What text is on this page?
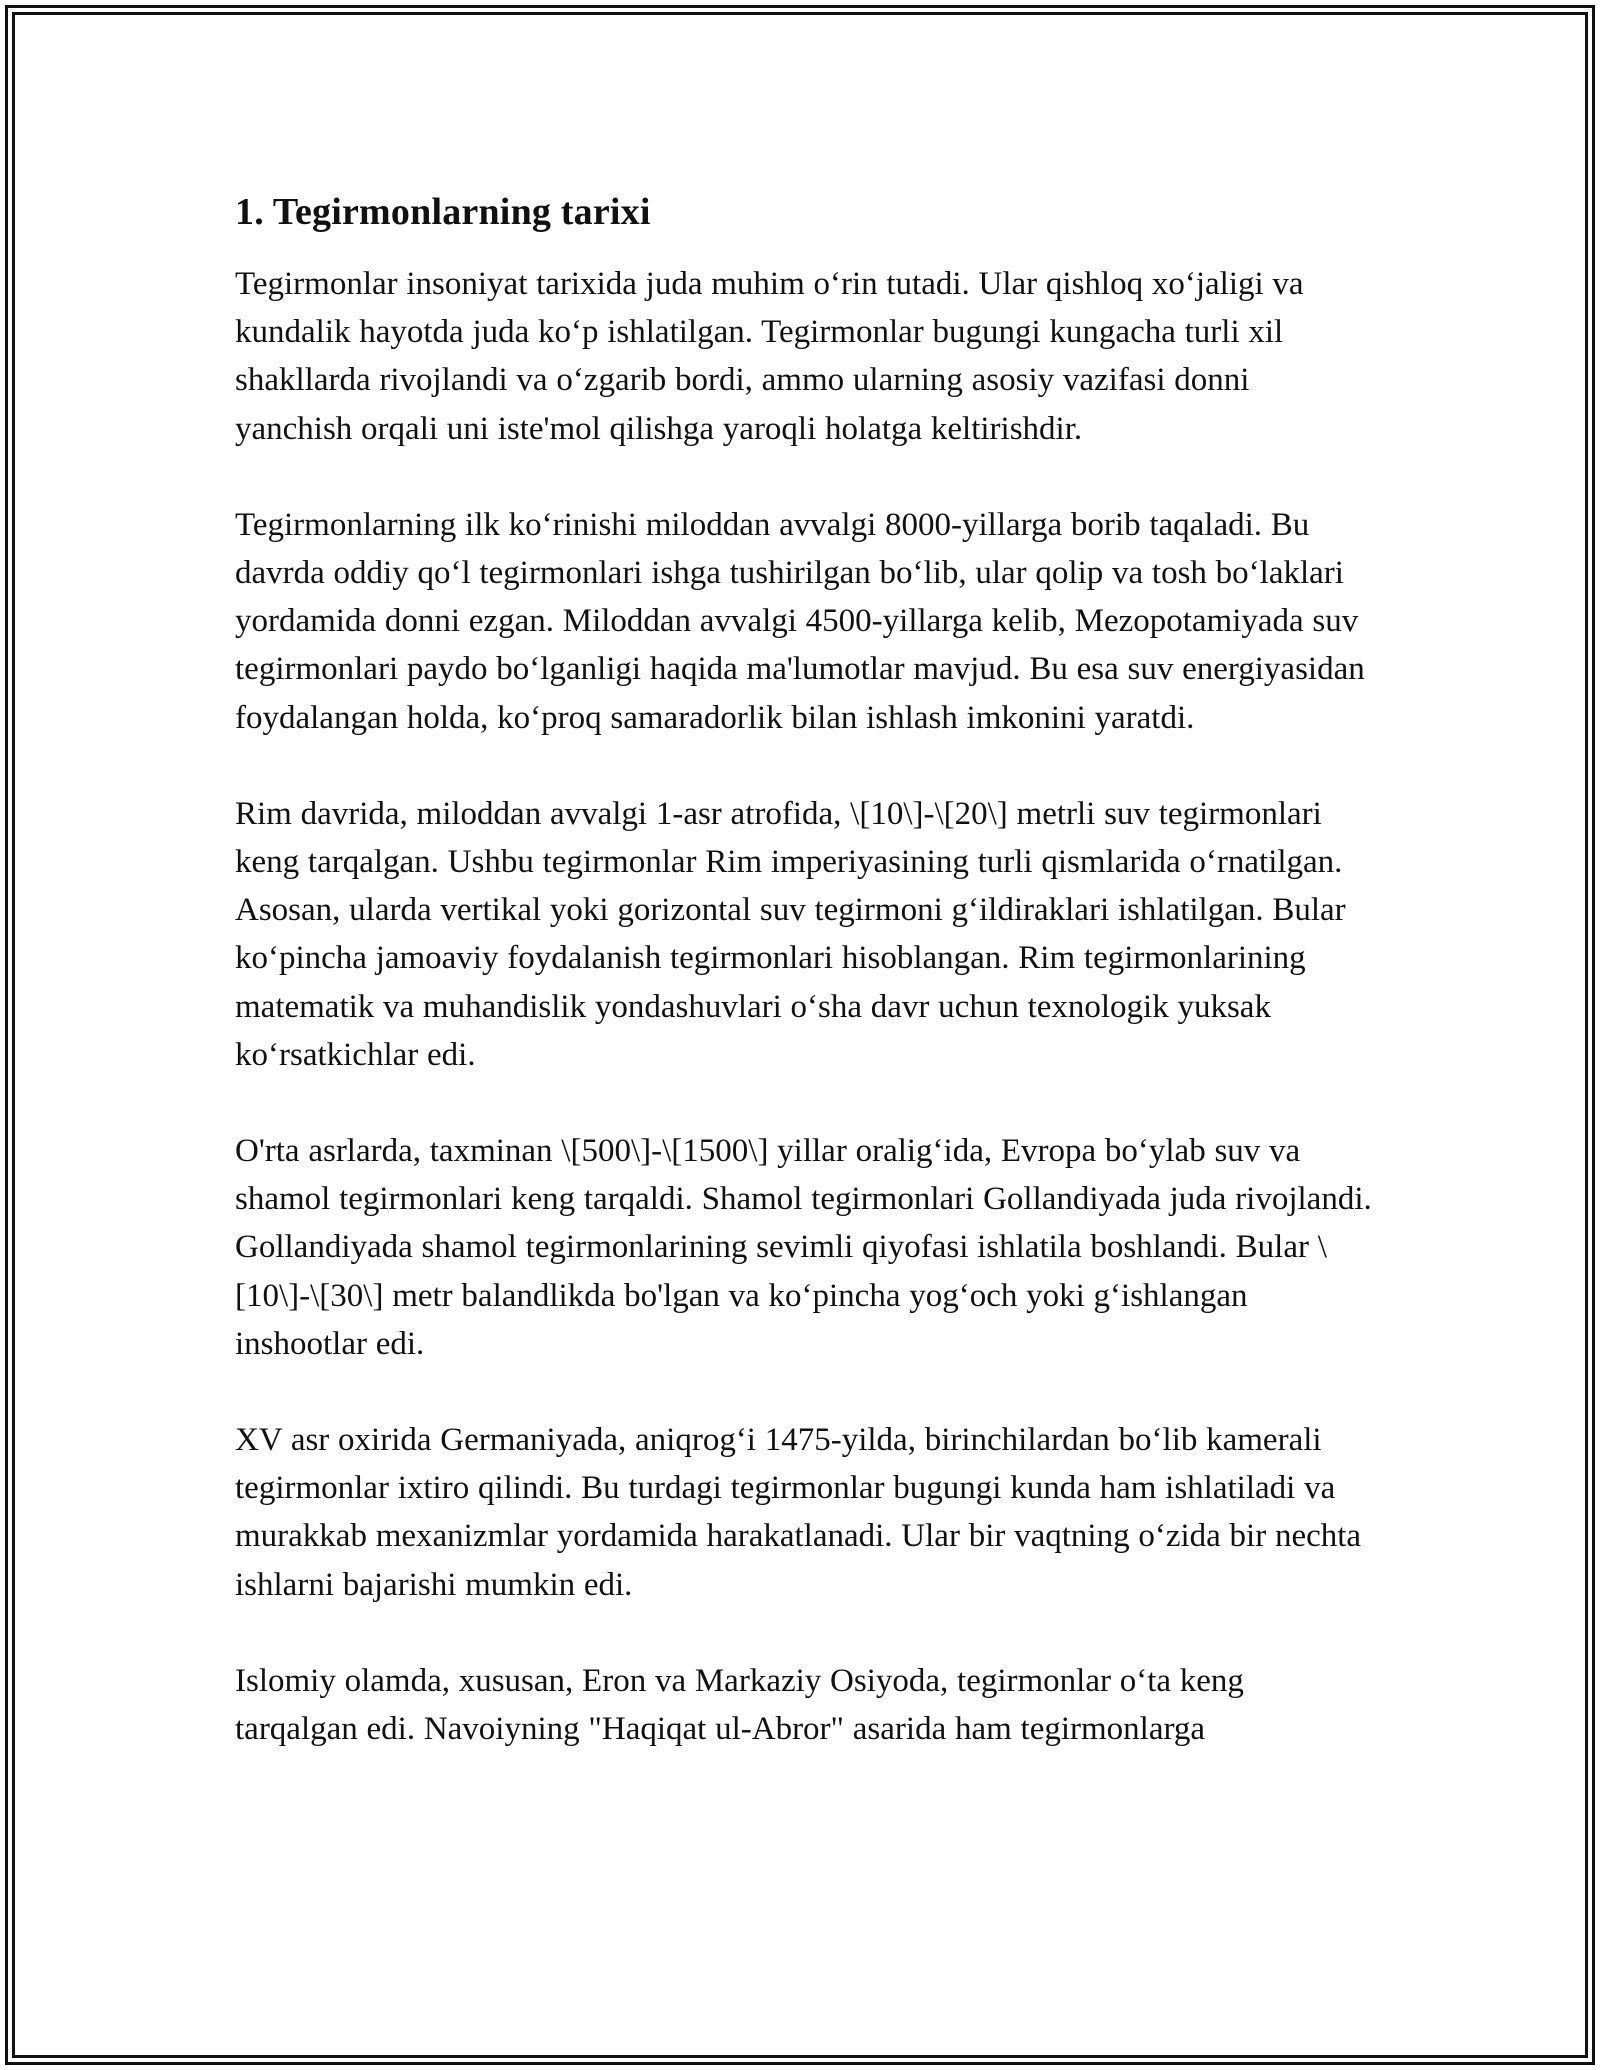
1. Tegirmonlarning tarixi

Tegirmonlar insoniyat tarixida juda muhim o‘rin tutadi. Ular qishloq xo‘jaligi va kundalik hayotda juda ko‘p ishlatilgan. Tegirmonlar bugungi kungacha turli xil shakllarda rivojlandi va o‘zgarib bordi, ammo ularning asosiy vazifasi donni yanchish orqali uni iste'mol qilishga yaroqli holatga keltirishdir.

Tegirmonlarning ilk ko‘rinishi miloddan avvalgi 8000-yillarga borib taqaladi. Bu davrda oddiy qo‘l tegirmonlari ishga tushirilgan bo‘lib, ular qolip va tosh bo‘laklari yordamida donni ezgan. Miloddan avvalgi 4500-yillarga kelib, Mezopotamiyada suv tegirmonlari paydo bo‘lganligi haqida ma'lumotlar mavjud. Bu esa suv energiyasidan foydalangan holda, ko‘proq samaradorlik bilan ishlash imkonini yaratdi.

Rim davrida, miloddan avvalgi 1-asr atrofida, \[10\]-\[20\] metrli suv tegirmonlari keng tarqalgan. Ushbu tegirmonlar Rim imperiyasining turli qismlarida o‘rnatilgan. Asosan, ularda vertikal yoki gorizontal suv tegirmoni g‘ildiraklari ishlatilgan. Bular ko‘pincha jamoaviy foydalanish tegirmonlari hisoblangan. Rim tegirmonlarining matematik va muhandislik yondashuvlari o‘sha davr uchun texnologik yuksak ko‘rsatkichlar edi.

O'rta asrlarda, taxminan \[500\]-\[1500\] yillar oralig‘ida, Evropa bo‘ylab suv va shamol tegirmonlari keng tarqaldi. Shamol tegirmonlari Gollandiyada juda rivojlandi. Gollandiyada shamol tegirmonlarining sevimli qiyofasi ishlatila boshlandi. Bular \[10\]-\[30\] metr balandlikda bo'lgan va ko‘pincha yog‘och yoki g‘ishlangan inshootlar edi.

XV asr oxirida Germaniyada, aniqrog‘i 1475-yilda, birinchilardan bo‘lib kamerali tegirmonlar ixtiro qilindi. Bu turdagi tegirmonlar bugungi kunda ham ishlatiladi va murakkab mexanizmlar yordamida harakatlanadi. Ular bir vaqtning o‘zida bir nechta ishlarni bajarishi mumkin edi.

Islomiy olamda, xususan, Eron va Markaziy Osiyoda, tegirmonlar o‘ta keng tarqalgan edi. Navoiyning "Haqiqat ul-Abror" asarida ham tegirmonlarga
